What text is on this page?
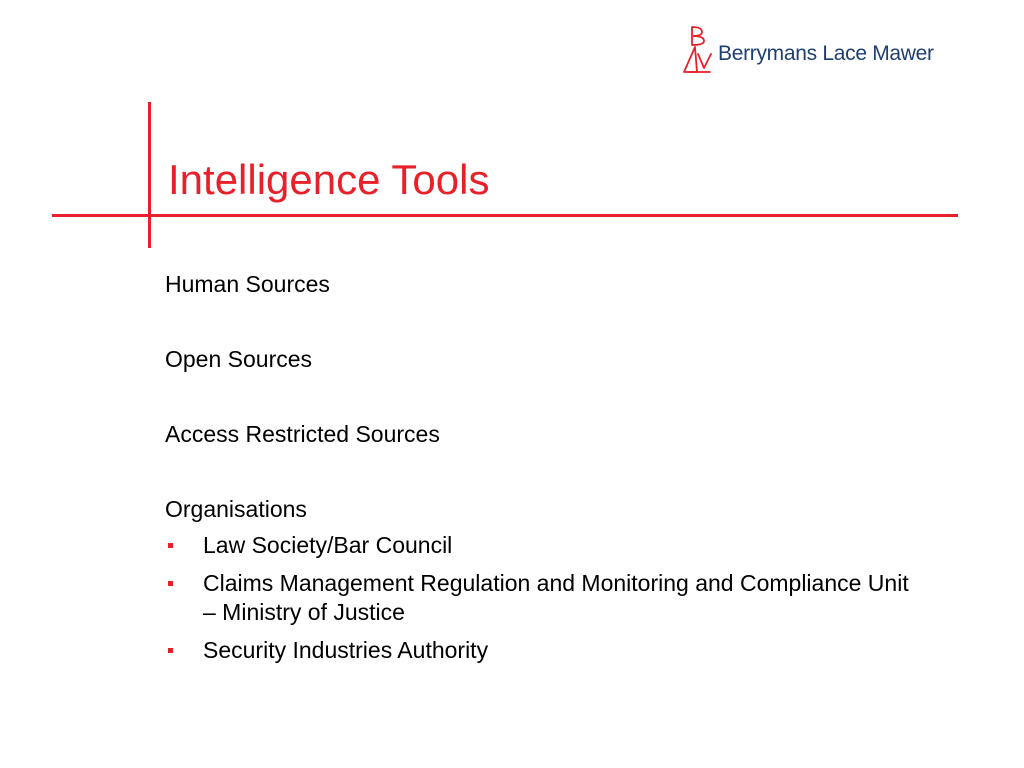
Berrymans Lace Mawer
Intelligence Tools

Human Sources

Open Sources

Access Restricted Sources

Organisations

Law Society/Bar Council
Claims Management Regulation and Monitoring and Compliance Unit – Ministry of Justice
Security Industries Authority
